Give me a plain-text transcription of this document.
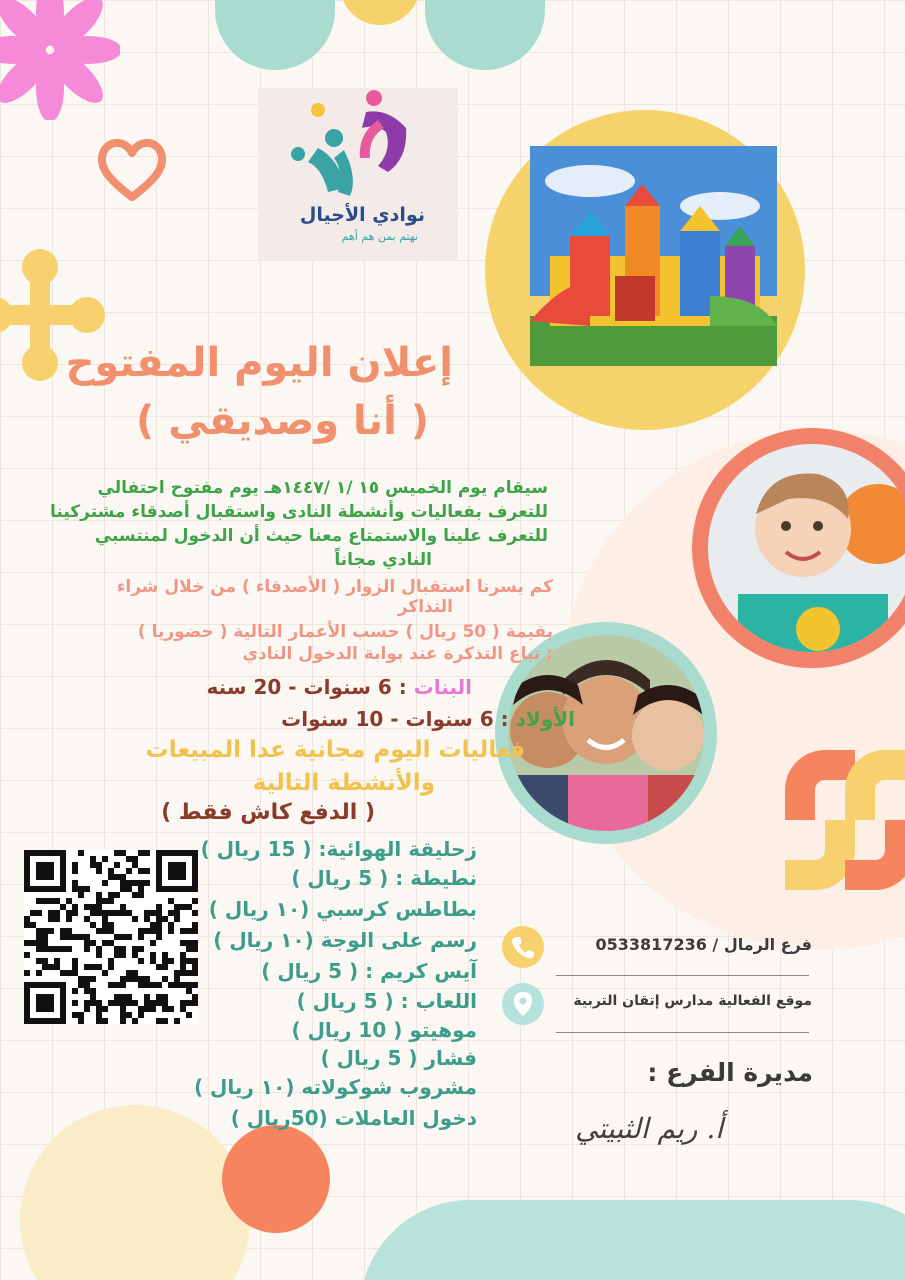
نوادي الأجيال
نهتم بمن هم أهم
إعلان اليوم المفتوح
( أنا وصديقي )
سيقام يوم الخميس ١٥ /١ /١٤٤٧هـ يوم مفتوح احتفالي
للتعرف بفعاليات وأنشطة النادى واستقبال أصدقاء مشتركينا
للتعرف علينا والاستمتاع معنا حيث أن الدخول لمنتسبي
النادي مجاناً
كم يسرنا استقبال الزوار ( الأصدقاء ) من خلال شراء
التذاكر
بقيمة ( 50 ريال ) حسب الأعمار التالية ( حضوريا )
: تباع التذكرة عند بوابة الدخول النادي
البنات : 6 سنوات - 20 سنه
الأولاد : 6 سنوات - 10 سنوات
فعاليات اليوم مجانية عدا المبيعات
والأنشطة التالية
( الدفع كاش فقط )
زحليقة الهوائية: ( 15 ريال )
نطيطة : ( 5 ريال )
بطاطس كرسبي (١٠ ريال )
رسم على الوجة (١٠ ريال )
آيس كريم : ( 5 ريال )
اللعاب : ( 5 ريال )
موهيتو ( 10 ريال )
فشار ( 5 ريال )
مشروب شوكولاته (١٠ ريال )
دخول العاملات (50ريال )
فرع الرمال / 0533817236
موقع الفعالية مدارس إتقان التربية
مديرة الفرع :
أ. ريم الثبيتي
